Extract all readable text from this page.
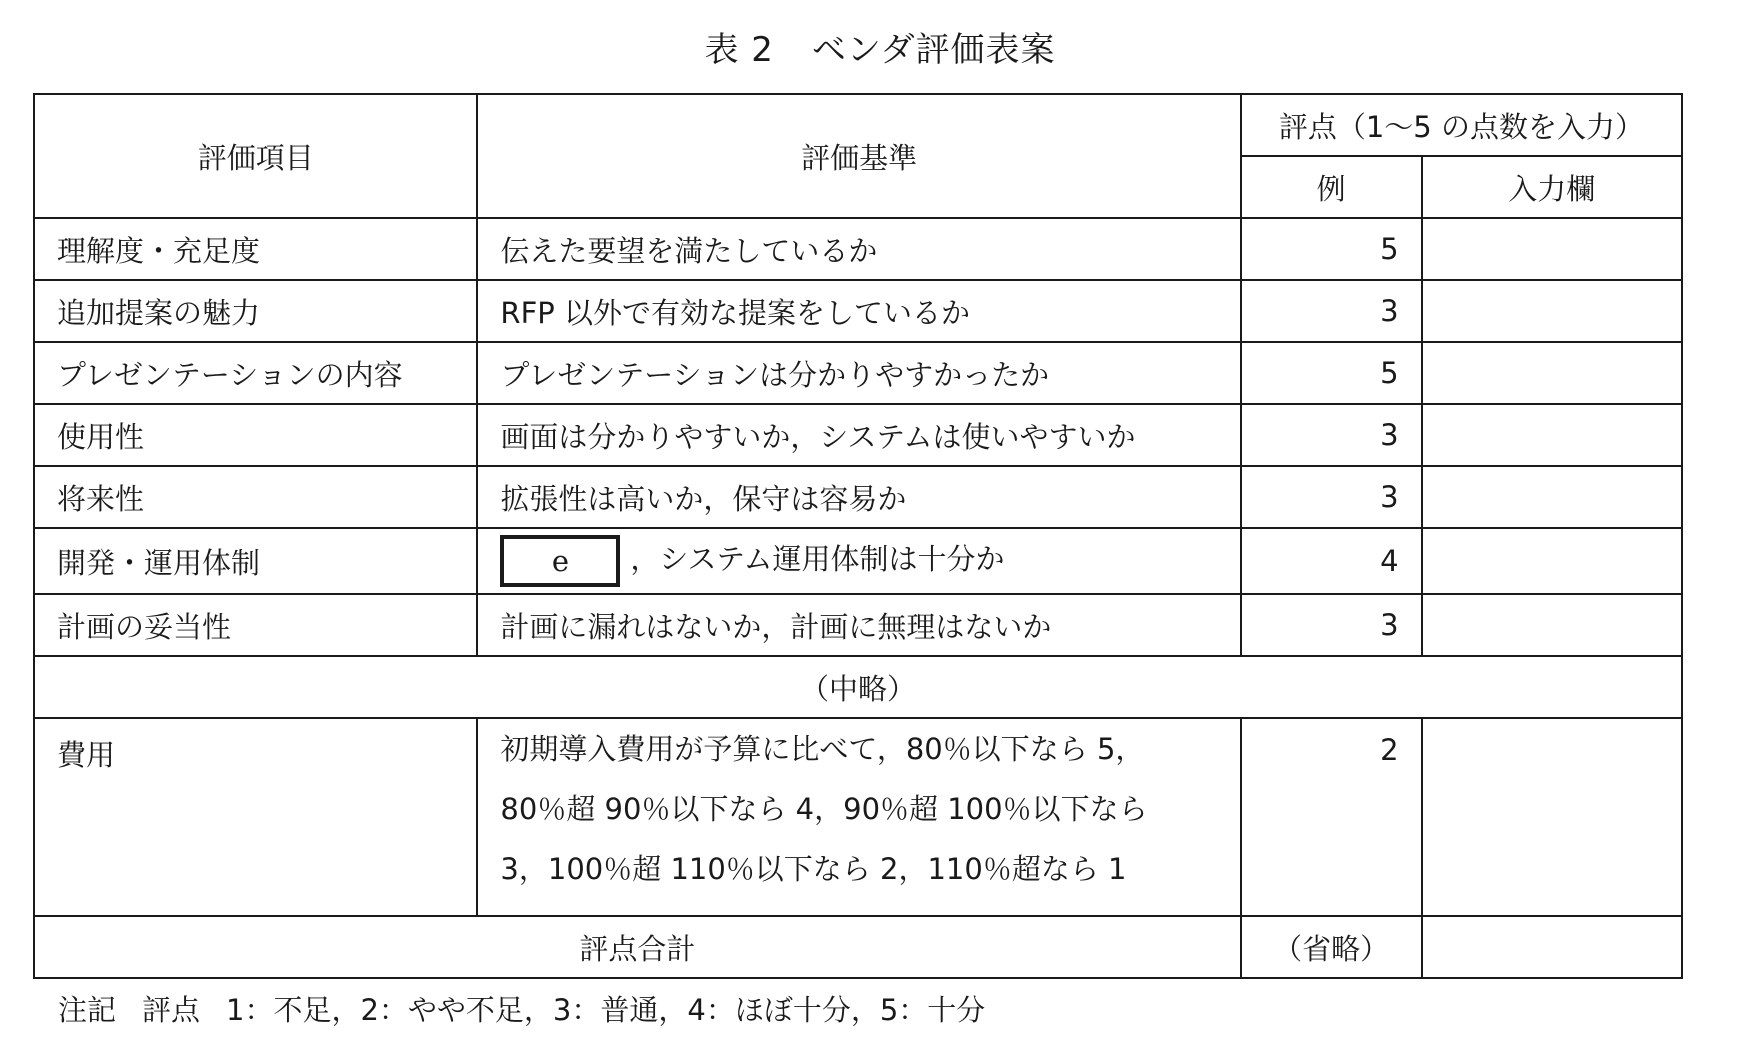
表 2 ベンダ評価表案
評価項目	評価基準	評点（1〜5 の点数を入力）	
		例	入力欄
理解度・充足度	伝えた要望を満たしているか	5	
追加提案の魅力	RFP 以外で有効な提案をしているか	3	
プレゼンテーションの内容	プレゼンテーションは分かりやすかったか	5	
使用性	画面は分かりやすいか，システムは使いやすいか	3	
将来性	拡張性は高いか，保守は容易か	3	
開発・運用体制	e ，システム運用体制は十分か	4	
計画の妥当性	計画に漏れはないか，計画に無理はないか	3	
（中略）			
費用	初期導入費用が予算に比べて，80％以下なら 5，
80％超 90％以下なら 4，90％超 100％以下なら
3，100％超 110％以下なら 2，110％超なら 1	2	
評点合計		（省略）	
注記 評点 1：不足，2：やや不足，3：普通，4：ほぼ十分，5：十分
